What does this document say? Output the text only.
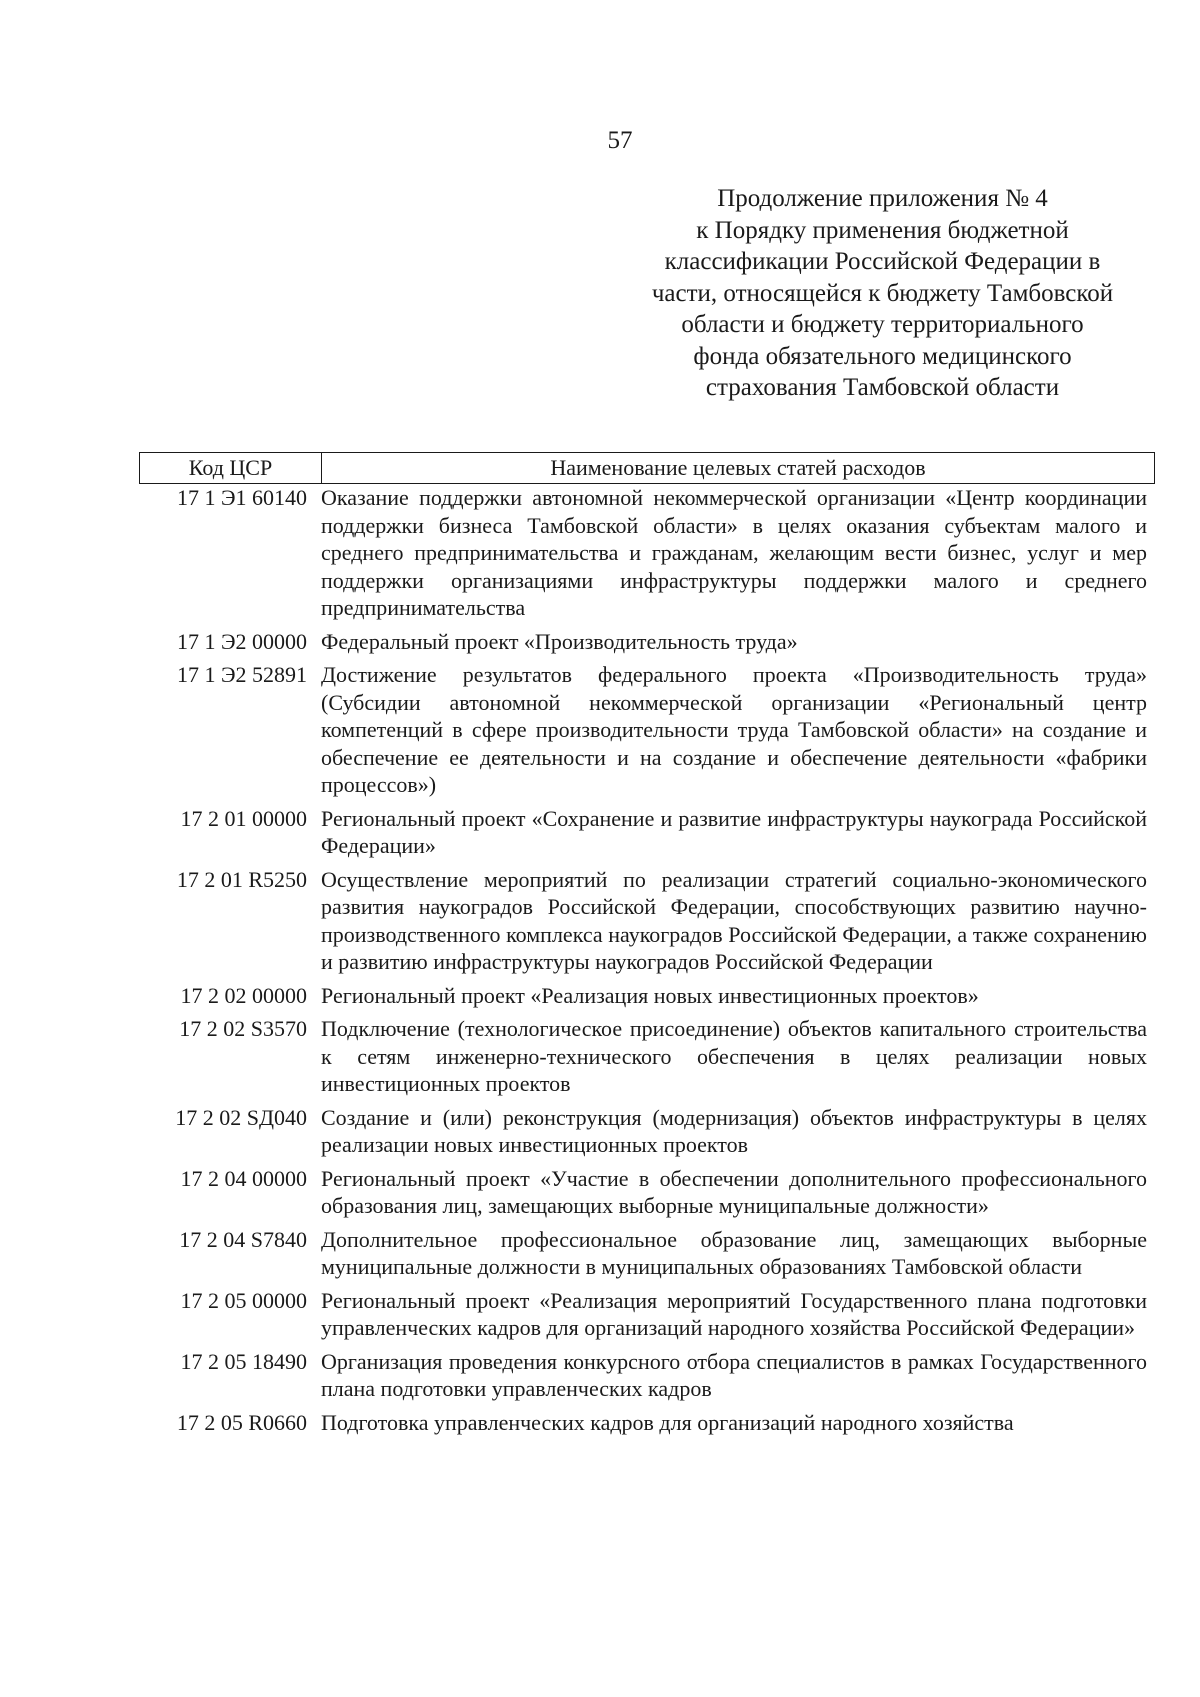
57
Продолжение приложения № 4
к Порядку применения бюджетной
классификации Российской Федерации в
части, относящейся к бюджету Тамбовской
области и бюджету территориального
фонда обязательного медицинского
страхования Тамбовской области
Код ЦСР	Наименование целевых статей расходов
17 1 Э1 60140 Оказание поддержки автономной некоммерческой организации «Центр координации поддержки бизнеса Тамбовской области» в целях оказания субъектам малого и среднего предпринимательства и гражданам, желающим вести бизнес, услуг и мер поддержки организациями инфраструктуры поддержки малого и среднего предпринимательства
17 1 Э2 00000 Федеральный проект «Производительность труда»
17 1 Э2 52891 Достижение результатов федерального проекта «Производительность труда» (Субсидии автономной некоммерческой организации «Региональный центр компетенций в сфере производительности труда Тамбовской области» на создание и обеспечение ее деятельности и на создание и обеспечение деятельности «фабрики процессов»)
17 2 01 00000 Региональный проект «Сохранение и развитие инфраструктуры наукограда Российской Федерации»
17 2 01 R5250 Осуществление мероприятий по реализации стратегий социально-экономического развития наукоградов Российской Федерации, способствующих развитию научно-производственного комплекса наукоградов Российской Федерации, а также сохранению и развитию инфраструктуры наукоградов Российской Федерации
17 2 02 00000 Региональный проект «Реализация новых инвестиционных проектов»
17 2 02 S3570 Подключение (технологическое присоединение) объектов капитального строительства к сетям инженерно-технического обеспечения в целях реализации новых инвестиционных проектов
17 2 02 SД040 Создание и (или) реконструкция (модернизация) объектов инфраструктуры в целях реализации новых инвестиционных проектов
17 2 04 00000 Региональный проект «Участие в обеспечении дополнительного профессионального образования лиц, замещающих выборные муниципальные должности»
17 2 04 S7840 Дополнительное профессиональное образование лиц, замещающих выборные муниципальные должности в муниципальных образованиях Тамбовской области
17 2 05 00000 Региональный проект «Реализация мероприятий Государственного плана подготовки управленческих кадров для организаций народного хозяйства Российской Федерации»
17 2 05 18490 Организация проведения конкурсного отбора специалистов в рамках Государственного плана подготовки управленческих кадров
17 2 05 R0660 Подготовка управленческих кадров для организаций народного хозяйства
